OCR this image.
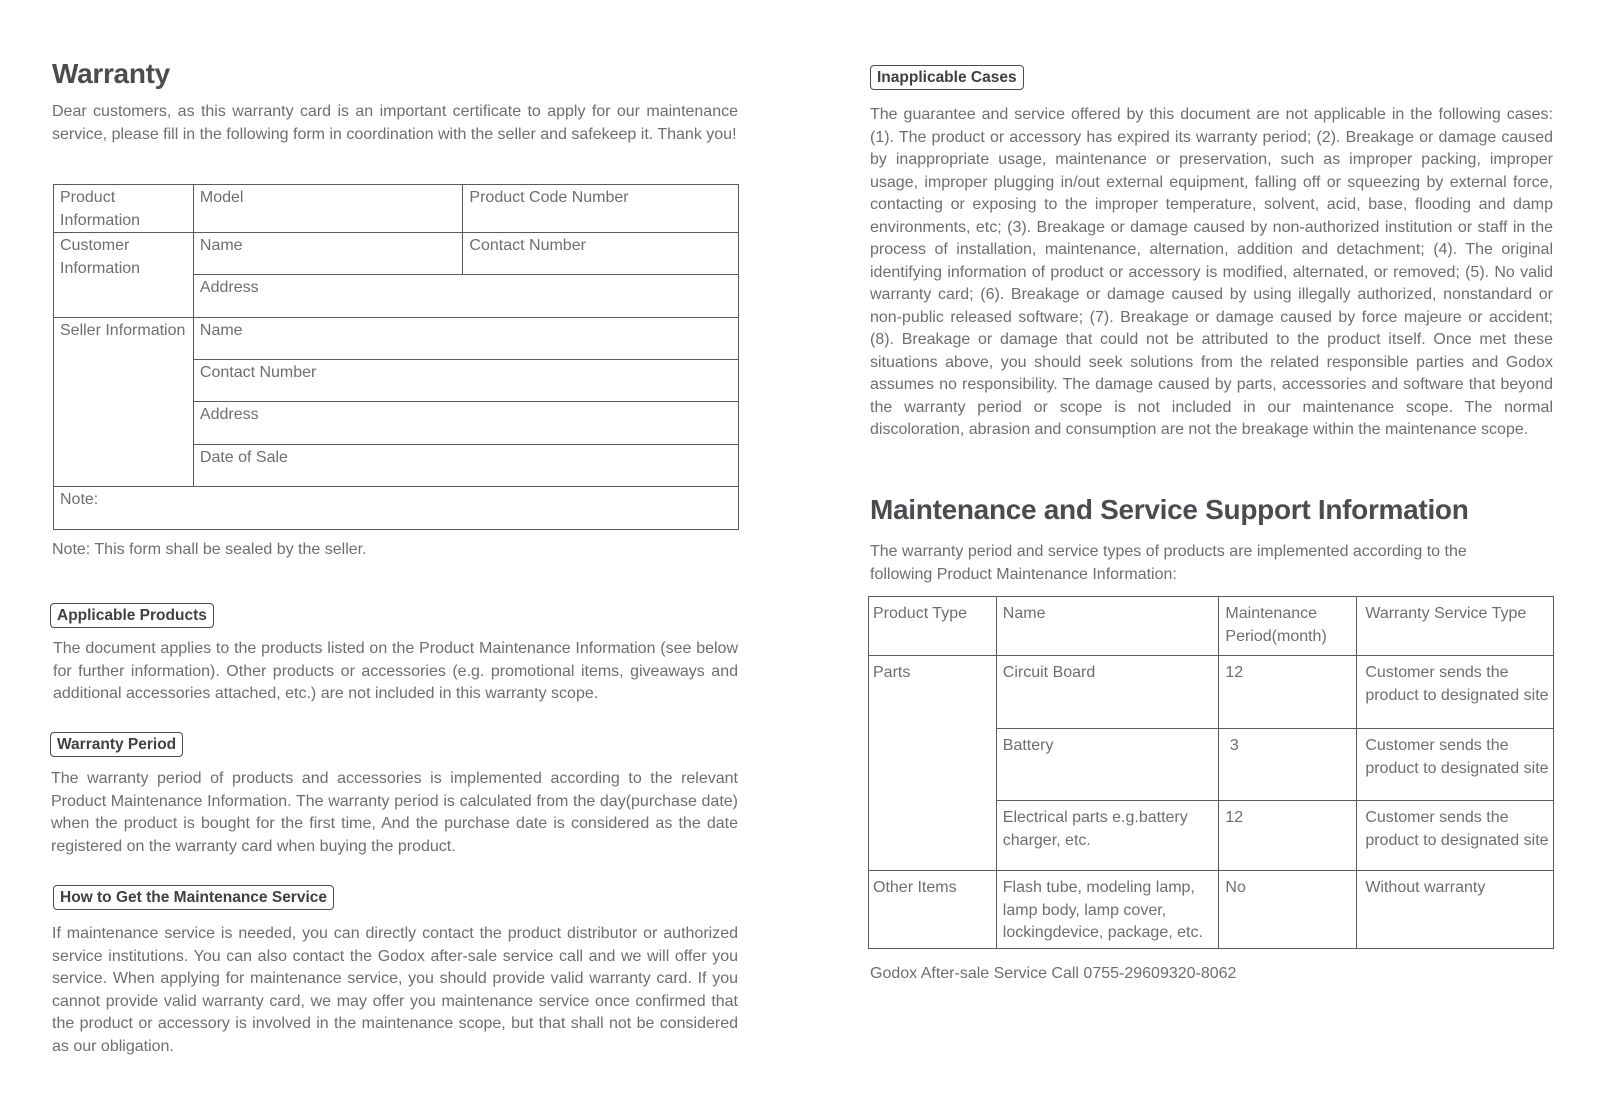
Warranty

Dear customers, as this warranty card is an important certificate to apply for our maintenance service, please fill in the following form in coordination with the seller and safekeep it. Thank you!

Product Information	Model	Product Code Number
Customer Information	Name	Contact Number
	Address	
Seller Information	Name	
	Contact Number	
	Address	
	Date of Sale	
Note:		

Note: This form shall be sealed by the seller.

Applicable Products

The document applies to the products listed on the Product Maintenance Information (see below for further information). Other products or accessories (e.g. promotional items, giveaways and additional accessories attached, etc.) are not included in this warranty scope.

Warranty Period

The warranty period of products and accessories is implemented according to the relevant Product Maintenance Information. The warranty period is calculated from the day(purchase date) when the product is bought for the first time, And the purchase date is considered as the date registered on the warranty card when buying the product.

How to Get the Maintenance Service

If maintenance service is needed, you can directly contact the product distributor or authorized service institutions. You can also contact the Godox after-sale service call and we will offer you service. When applying for maintenance service, you should provide valid warranty card. If you cannot provide valid warranty card, we may offer you maintenance service once confirmed that the product or accessory is involved in the maintenance scope, but that shall not be considered as our obligation.

Inapplicable Cases

The guarantee and service offered by this document are not applicable in the following cases: (1). The product or accessory has expired its warranty period; (2). Breakage or damage caused by inappropriate usage, maintenance or preservation, such as improper packing, improper usage, improper plugging in/out external equipment, falling off or squeezing by external force, contacting or exposing to the improper temperature, solvent, acid, base, flooding and damp environments, etc; (3). Breakage or damage caused by non-authorized institution or staff in the process of installation, maintenance, alternation, addition and detachment; (4). The original identifying information of product or accessory is modified, alternated, or removed; (5). No valid warranty card; (6). Breakage or damage caused by using illegally authorized, nonstandard or non-public released software; (7). Breakage or damage caused by force majeure or accident; (8). Breakage or damage that could not be attributed to the product itself. Once met these situations above, you should seek solutions from the related responsible parties and Godox assumes no responsibility. The damage caused by parts, accessories and software that beyond the warranty period or scope is not included in our maintenance scope. The normal discoloration, abrasion and consumption are not the breakage within the maintenance scope.

Maintenance and Service Support Information

The warranty period and service types of products are implemented according to the following Product Maintenance Information:

Product Type	Name	Maintenance Period(month)	Warranty Service Type
Parts	Circuit Board	12	Customer sends the product to designated site
	Battery	3	Customer sends the product to designated site
	Electrical parts e.g.battery charger, etc.	12	Customer sends the product to designated site
Other Items	Flash tube, modeling lamp, lamp body, lamp cover, lockingdevice, package, etc.	No	Without warranty

Godox After-sale Service Call 0755-29609320-8062
